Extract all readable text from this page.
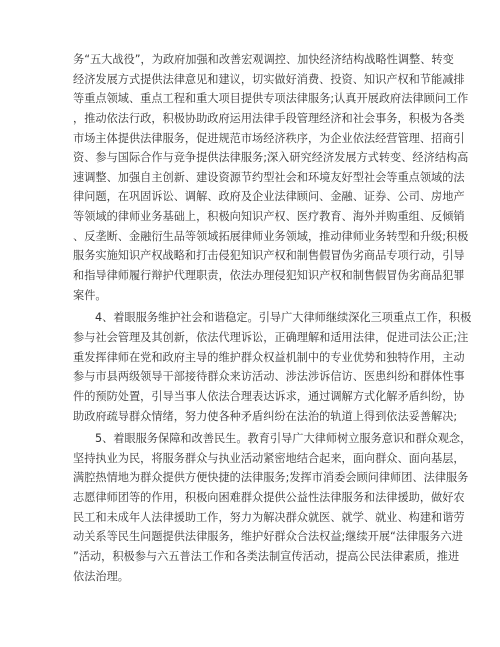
务“五大战役”，为政府加强和改善宏观调控、加快经济结构战略性调整、转变

经济发展方式提供法律意见和建议，切实做好消费、投资、知识产权和节能减排

等重点领域、重点工程和重大项目提供专项法律服务;认真开展政府法律顾问工作

，推动依法行政，积极协助政府运用法律手段管理经济和社会事务，积极为各类

市场主体提供法律服务，促进规范市场经济秩序，为企业依法经营管理、招商引

资、参与国际合作与竞争提供法律服务;深入研究经济发展方式转变、经济结构高

速调整、加强自主创新、建设资源节约型社会和环境友好型社会等重点领域的法

律问题，在巩固诉讼、调解、政府及企业法律顾问、金融、证券、公司、房地产

等领域的律师业务基础上，积极向知识产权、医疗教育、海外并购重组、反倾销

、反垄断、金融衍生品等领域拓展律师业务领域，推动律师业务转型和升级;积极

服务实施知识产权战略和打击侵犯知识产权和制售假冒伪劣商品专项行动，引导

和指导律师履行辩护代理职责，依法办理侵犯知识产权和制售假冒伪劣商品犯罪

案件。

4、着眼服务维护社会和谐稳定。引导广大律师继续深化三项重点工作，积极

参与社会管理及其创新，依法代理诉讼，正确理解和适用法律，促进司法公正;注

重发挥律师在党和政府主导的维护群众权益机制中的专业优势和独特作用，主动

参与市县两级领导干部接待群众来访活动、涉法涉诉信访、医患纠纷和群体性事

件的预防处置，引导当事人依法合理表达诉求，通过调解方式化解矛盾纠纷，协

助政府疏导群众情绪，努力使各种矛盾纠纷在法治的轨道上得到依法妥善解决;

5、着眼服务保障和改善民生。教育引导广大律师树立服务意识和群众观念，

坚持执业为民，将服务群众与执业活动紧密地结合起来，面向群众、面向基层，

满腔热情地为群众提供方便快捷的法律服务;发挥市消委会顾问律师团、法律服务

志愿律师团等的作用，积极向困难群众提供公益性法律服务和法律援助，做好农

民工和未成年人法律援助工作，努力为解决群众就医、就学、就业、构建和谐劳

动关系等民生问题提供法律服务，维护好群众合法权益;继续开展“法律服务六进

”活动，积极参与六五普法工作和各类法制宣传活动，提高公民法律素质，推进

依法治理。
